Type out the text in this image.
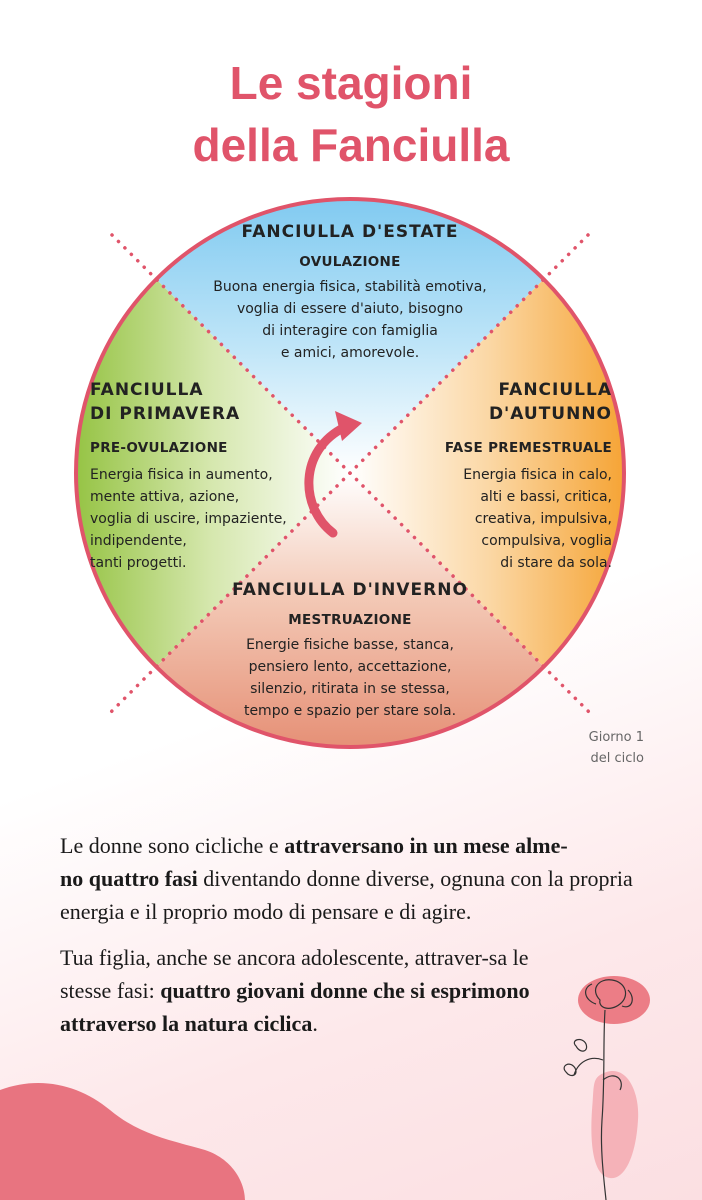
Le stagioni
della Fanciulla
FANCIULLA D'ESTATE
OVULAZIONE
Buona energia fisica, stabilità emotiva,
voglia di essere d'aiuto, bisogno
di interagire con famiglia
e amici, amorevole.
FANCIULLA
DI PRIMAVERA
PRE-OVULAZIONE
Energia fisica in aumento,
mente attiva, azione,
voglia di uscire, impaziente,
indipendente,
tanti progetti.
FANCIULLA
D'AUTUNNO
FASE PREMESTRUALE
Energia fisica in calo,
alti e bassi, critica,
creativa, impulsiva,
compulsiva, voglia
di stare da sola.
FANCIULLA D'INVERNO
MESTRUAZIONE
Energie fisiche basse, stanca,
pensiero lento, accettazione,
silenzio, ritirata in se stessa,
tempo e spazio per stare sola.
Giorno 1
del ciclo
Le donne sono cicliche e attraversano in un mese alme-
no quattro fasi diventando donne diverse, ognuna con la propria energia e il proprio modo di pensare e di agire.
Tua figlia, anche se ancora adolescente, attraver-sa le stesse fasi: quattro giovani donne che si esprimono attraverso la natura ciclica.
